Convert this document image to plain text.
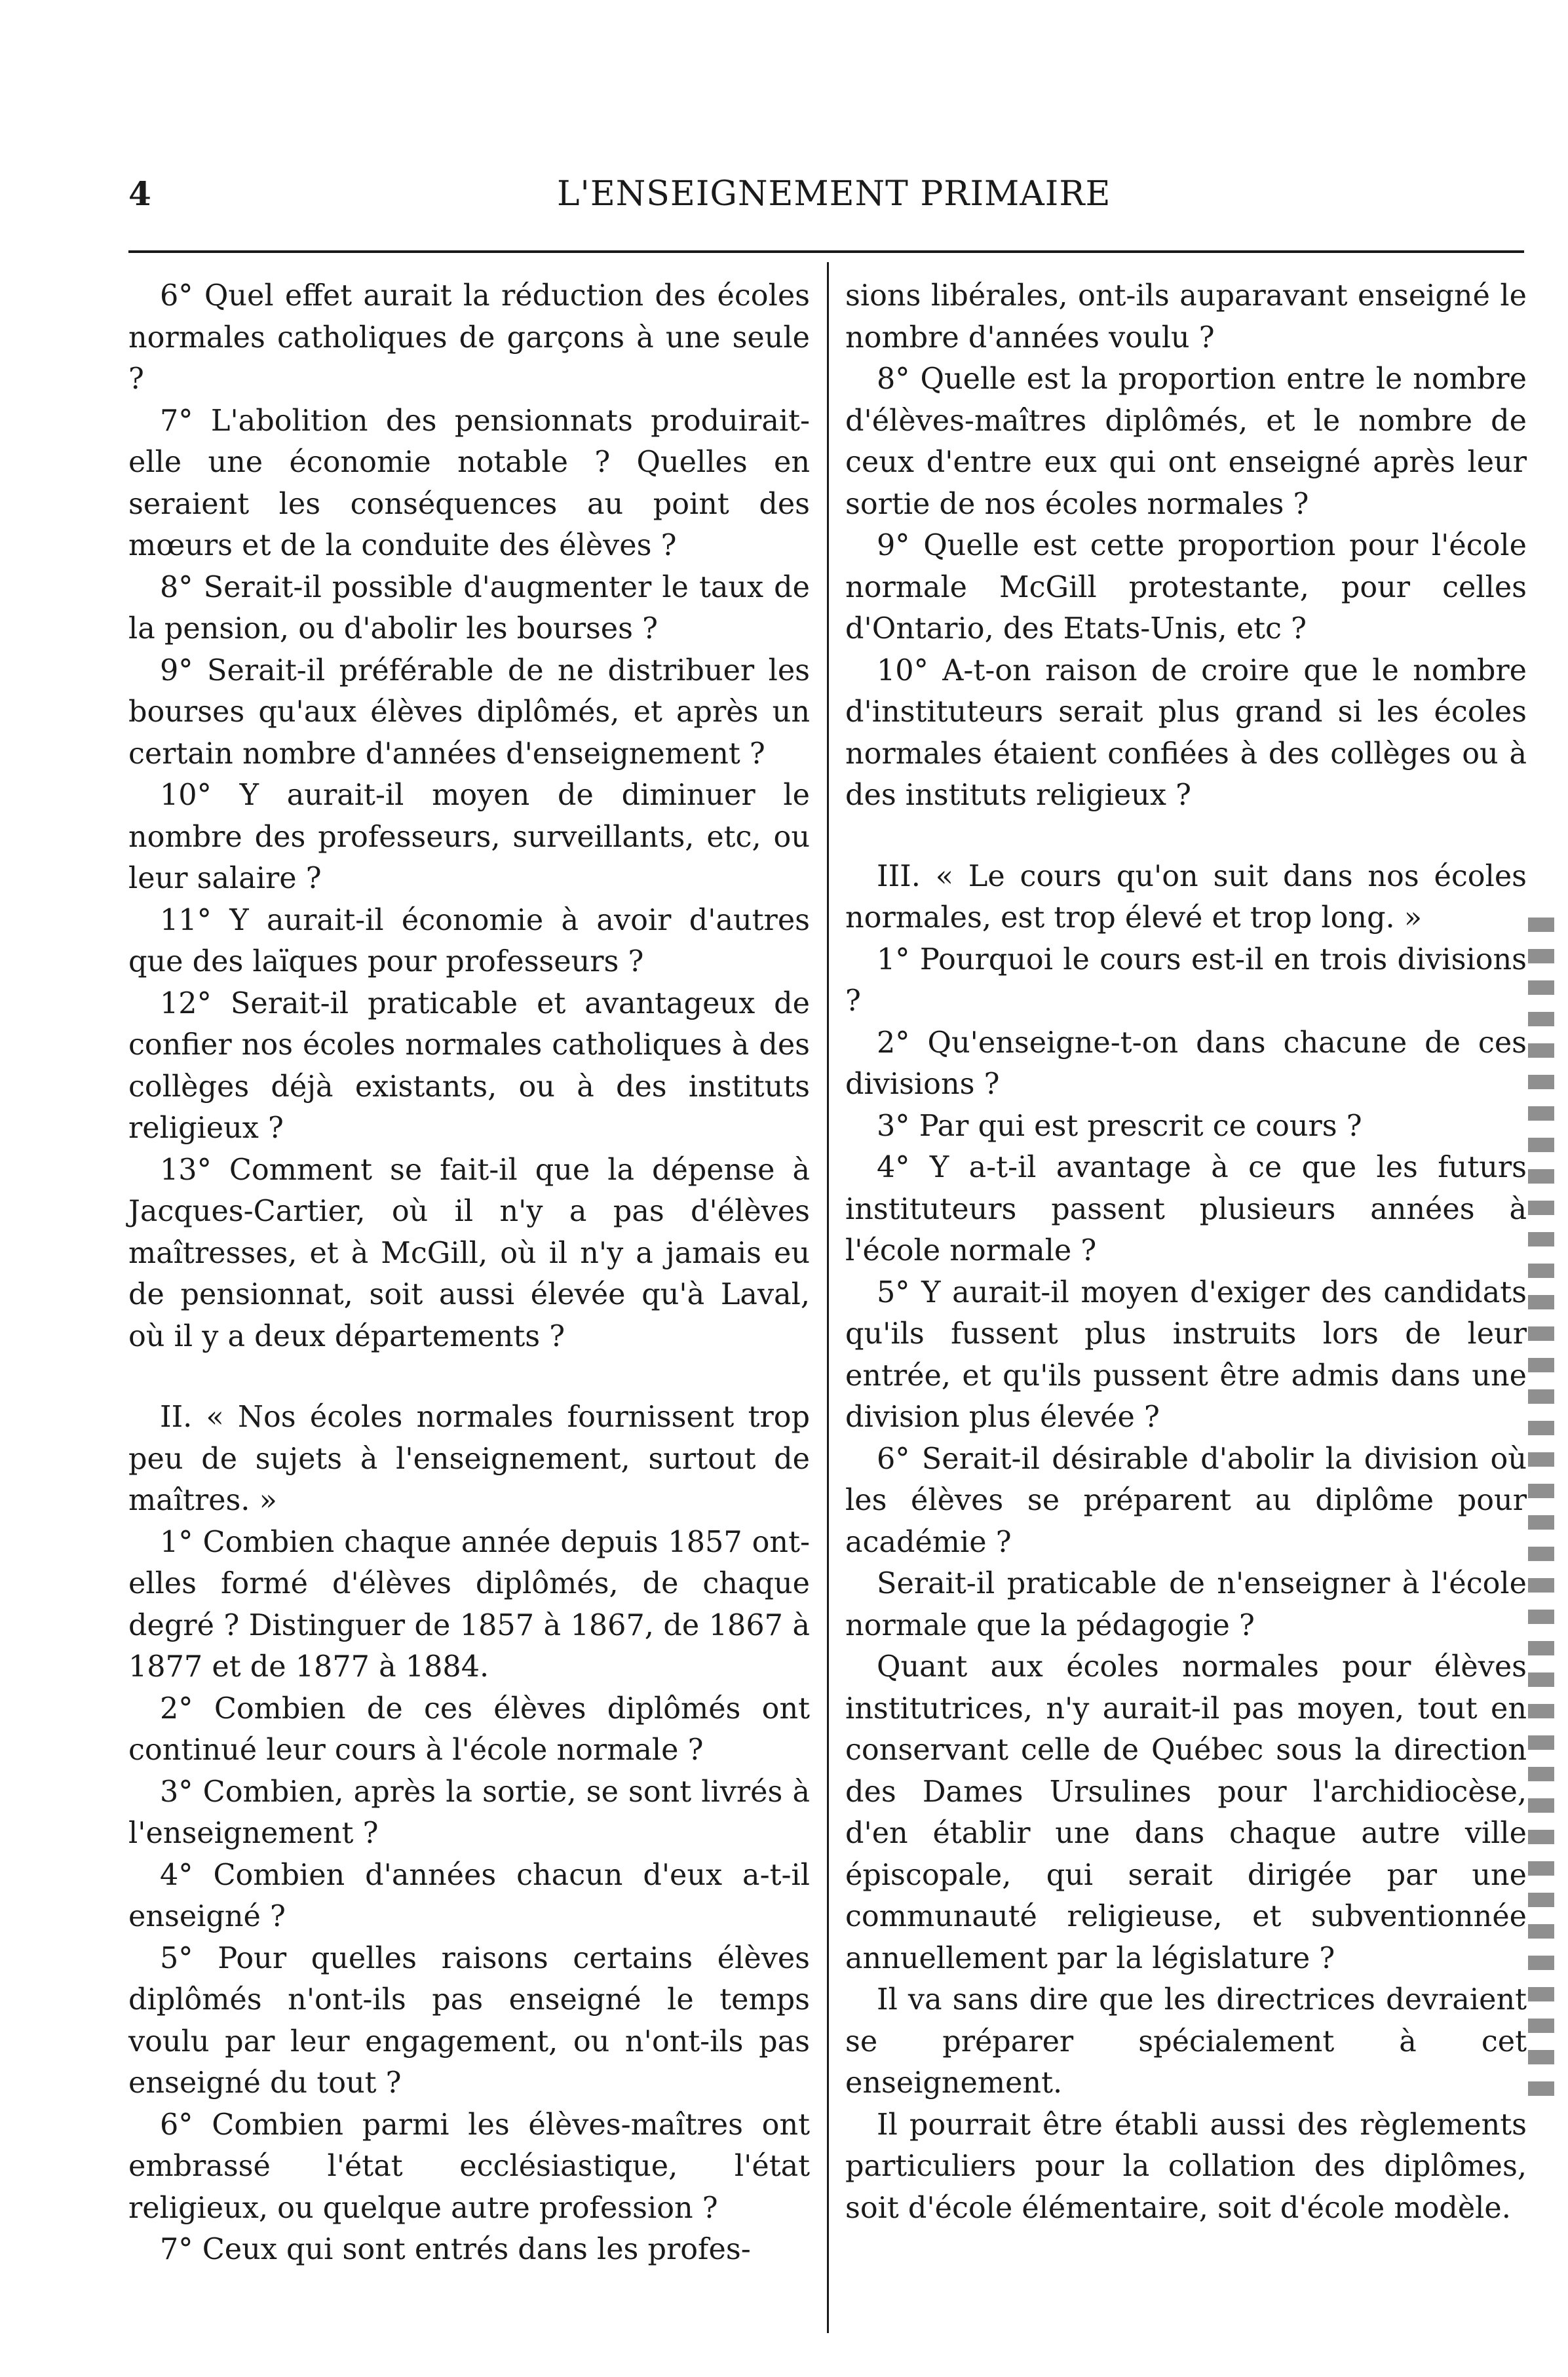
4	L'ENSEIGNEMENT PRIMAIRE

6° Quel effet aurait la réduction des écoles normales catholiques de garçons à une seule ?

7° L'abolition des pensionnats produirait-elle une économie notable ? Quelles en seraient les conséquences au point des mœurs et de la conduite des élèves ?

8° Serait-il possible d'augmenter le taux de la pension, ou d'abolir les bourses ?

9° Serait-il préférable de ne distribuer les bourses qu'aux élèves diplômés, et après un certain nombre d'années d'enseignement ?

10° Y aurait-il moyen de diminuer le nombre des professeurs, surveillants, etc, ou leur salaire ?

11° Y aurait-il économie à avoir d'autres que des laïques pour professeurs ?

12° Serait-il praticable et avantageux de confier nos écoles normales catholiques à des collèges déjà existants, ou à des instituts religieux ?

13° Comment se fait-il que la dépense à Jacques-Cartier, où il n'y a pas d'élèves maîtresses, et à McGill, où il n'y a jamais eu de pensionnat, soit aussi élevée qu'à Laval, où il y a deux départements ?

II. « Nos écoles normales fournissent trop peu de sujets à l'enseignement, surtout de maîtres. »

1° Combien chaque année depuis 1857 ont-elles formé d'élèves diplômés, de chaque degré ? Distinguer de 1857 à 1867, de 1867 à 1877 et de 1877 à 1884.

2° Combien de ces élèves diplômés ont continué leur cours à l'école normale ?

3° Combien, après la sortie, se sont livrés à l'enseignement ?

4° Combien d'années chacun d'eux a-t-il enseigné ?

5° Pour quelles raisons certains élèves diplômés n'ont-ils pas enseigné le temps voulu par leur engagement, ou n'ont-ils pas enseigné du tout ?

6° Combien parmi les élèves-maîtres ont embrassé l'état ecclésiastique, l'état religieux, ou quelque autre profession ?

7° Ceux qui sont entrés dans les profes-

sions libérales, ont-ils auparavant enseigné le nombre d'années voulu ?

8° Quelle est la proportion entre le nombre d'élèves-maîtres diplômés, et le nombre de ceux d'entre eux qui ont enseigné après leur sortie de nos écoles normales ?

9° Quelle est cette proportion pour l'école normale McGill protestante, pour celles d'Ontario, des Etats-Unis, etc ?

10° A-t-on raison de croire que le nombre d'instituteurs serait plus grand si les écoles normales étaient confiées à des collèges ou à des instituts religieux ?

III. « Le cours qu'on suit dans nos écoles normales, est trop élevé et trop long. »

1° Pourquoi le cours est-il en trois divisions ?

2° Qu'enseigne-t-on dans chacune de ces divisions ?

3° Par qui est prescrit ce cours ?

4° Y a-t-il avantage à ce que les futurs instituteurs passent plusieurs années à l'école normale ?

5° Y aurait-il moyen d'exiger des candidats qu'ils fussent plus instruits lors de leur entrée, et qu'ils pussent être admis dans une division plus élevée ?

6° Serait-il désirable d'abolir la division où les élèves se préparent au diplôme pour académie ?

Serait-il praticable de n'enseigner à l'école normale que la pédagogie ?

Quant aux écoles normales pour élèves institutrices, n'y aurait-il pas moyen, tout en conservant celle de Québec sous la direction des Dames Ursulines pour l'archidiocèse, d'en établir une dans chaque autre ville épiscopale, qui serait dirigée par une communauté religieuse, et subventionnée annuellement par la législature ?

Il va sans dire que les directrices devraient se préparer spécialement à cet enseignement.

Il pourrait être établi aussi des règlements particuliers pour la collation des diplômes, soit d'école élémentaire, soit d'école modèle.
